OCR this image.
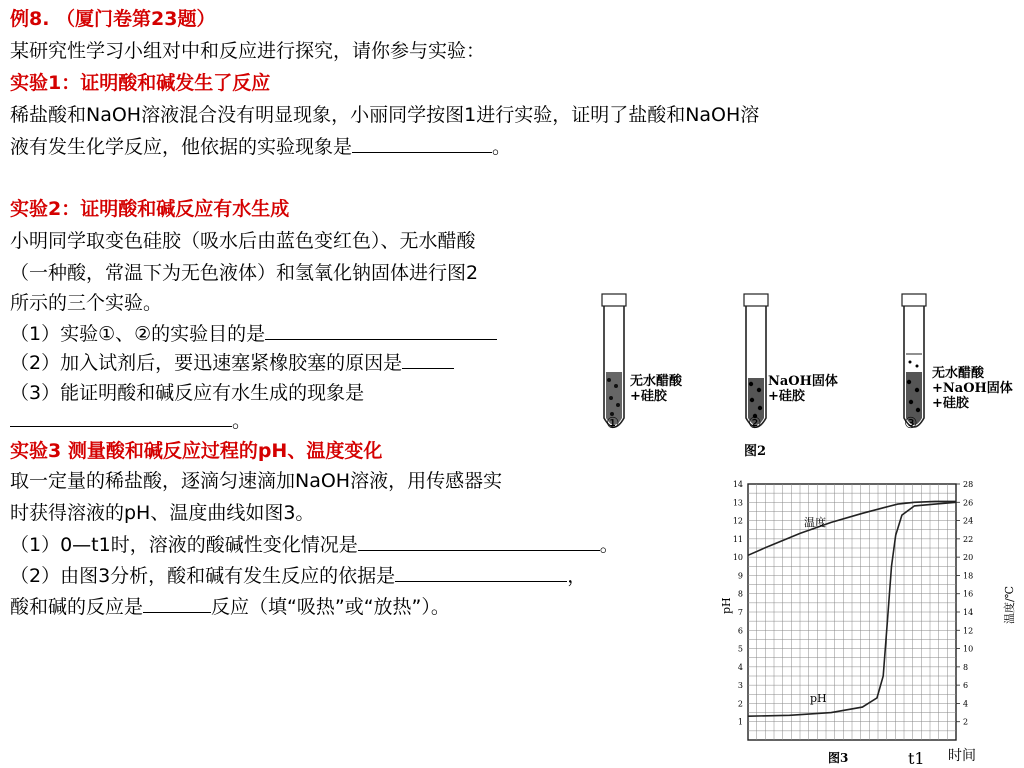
例8. （厦门卷第23题）
某研究性学习小组对中和反应进行探究，请你参与实验：
实验1：证明酸和碱发生了反应
稀盐酸和NaOH溶液混合没有明显现象，小丽同学按图1进行实验，证明了盐酸和NaOH溶
液有发生化学反应，他依据的实验现象是	。
实验2：证明酸和碱反应有水生成
小明同学取变色硅胶（吸水后由蓝色变红色）、无水醋酸
（一种酸，常温下为无色液体）和氢氧化钠固体进行图2
所示的三个实验。
（1）实验①、②的实验目的是
（2）加入试剂后，要迅速塞紧橡胶塞的原因是
（3）能证明酸和碱反应有水生成的现象是
。
实验3 测量酸和碱反应过程的pH、温度变化
取一定量的稀盐酸，逐滴匀速滴加NaOH溶液，用传感器实
时获得溶液的pH、温度曲线如图3。
（1）0—t1时，溶液的酸碱性变化情况是	。
（2）由图3分析，酸和碱有发生反应的依据是	，
酸和碱的反应是	反应（填“吸热”或“放热”）。
无水醋酸
+硅胶
NaOH固体
+硅胶
无水醋酸
+NaOH固体
+硅胶
①	②	③
图2
1
2
3
4
5
6
7
8
9
10
11
12
13
14
2
4
6
8
10
12
14
16
18
20
22
24
26
28
温度
pH
pH	温度/℃
t1 时间
图3
